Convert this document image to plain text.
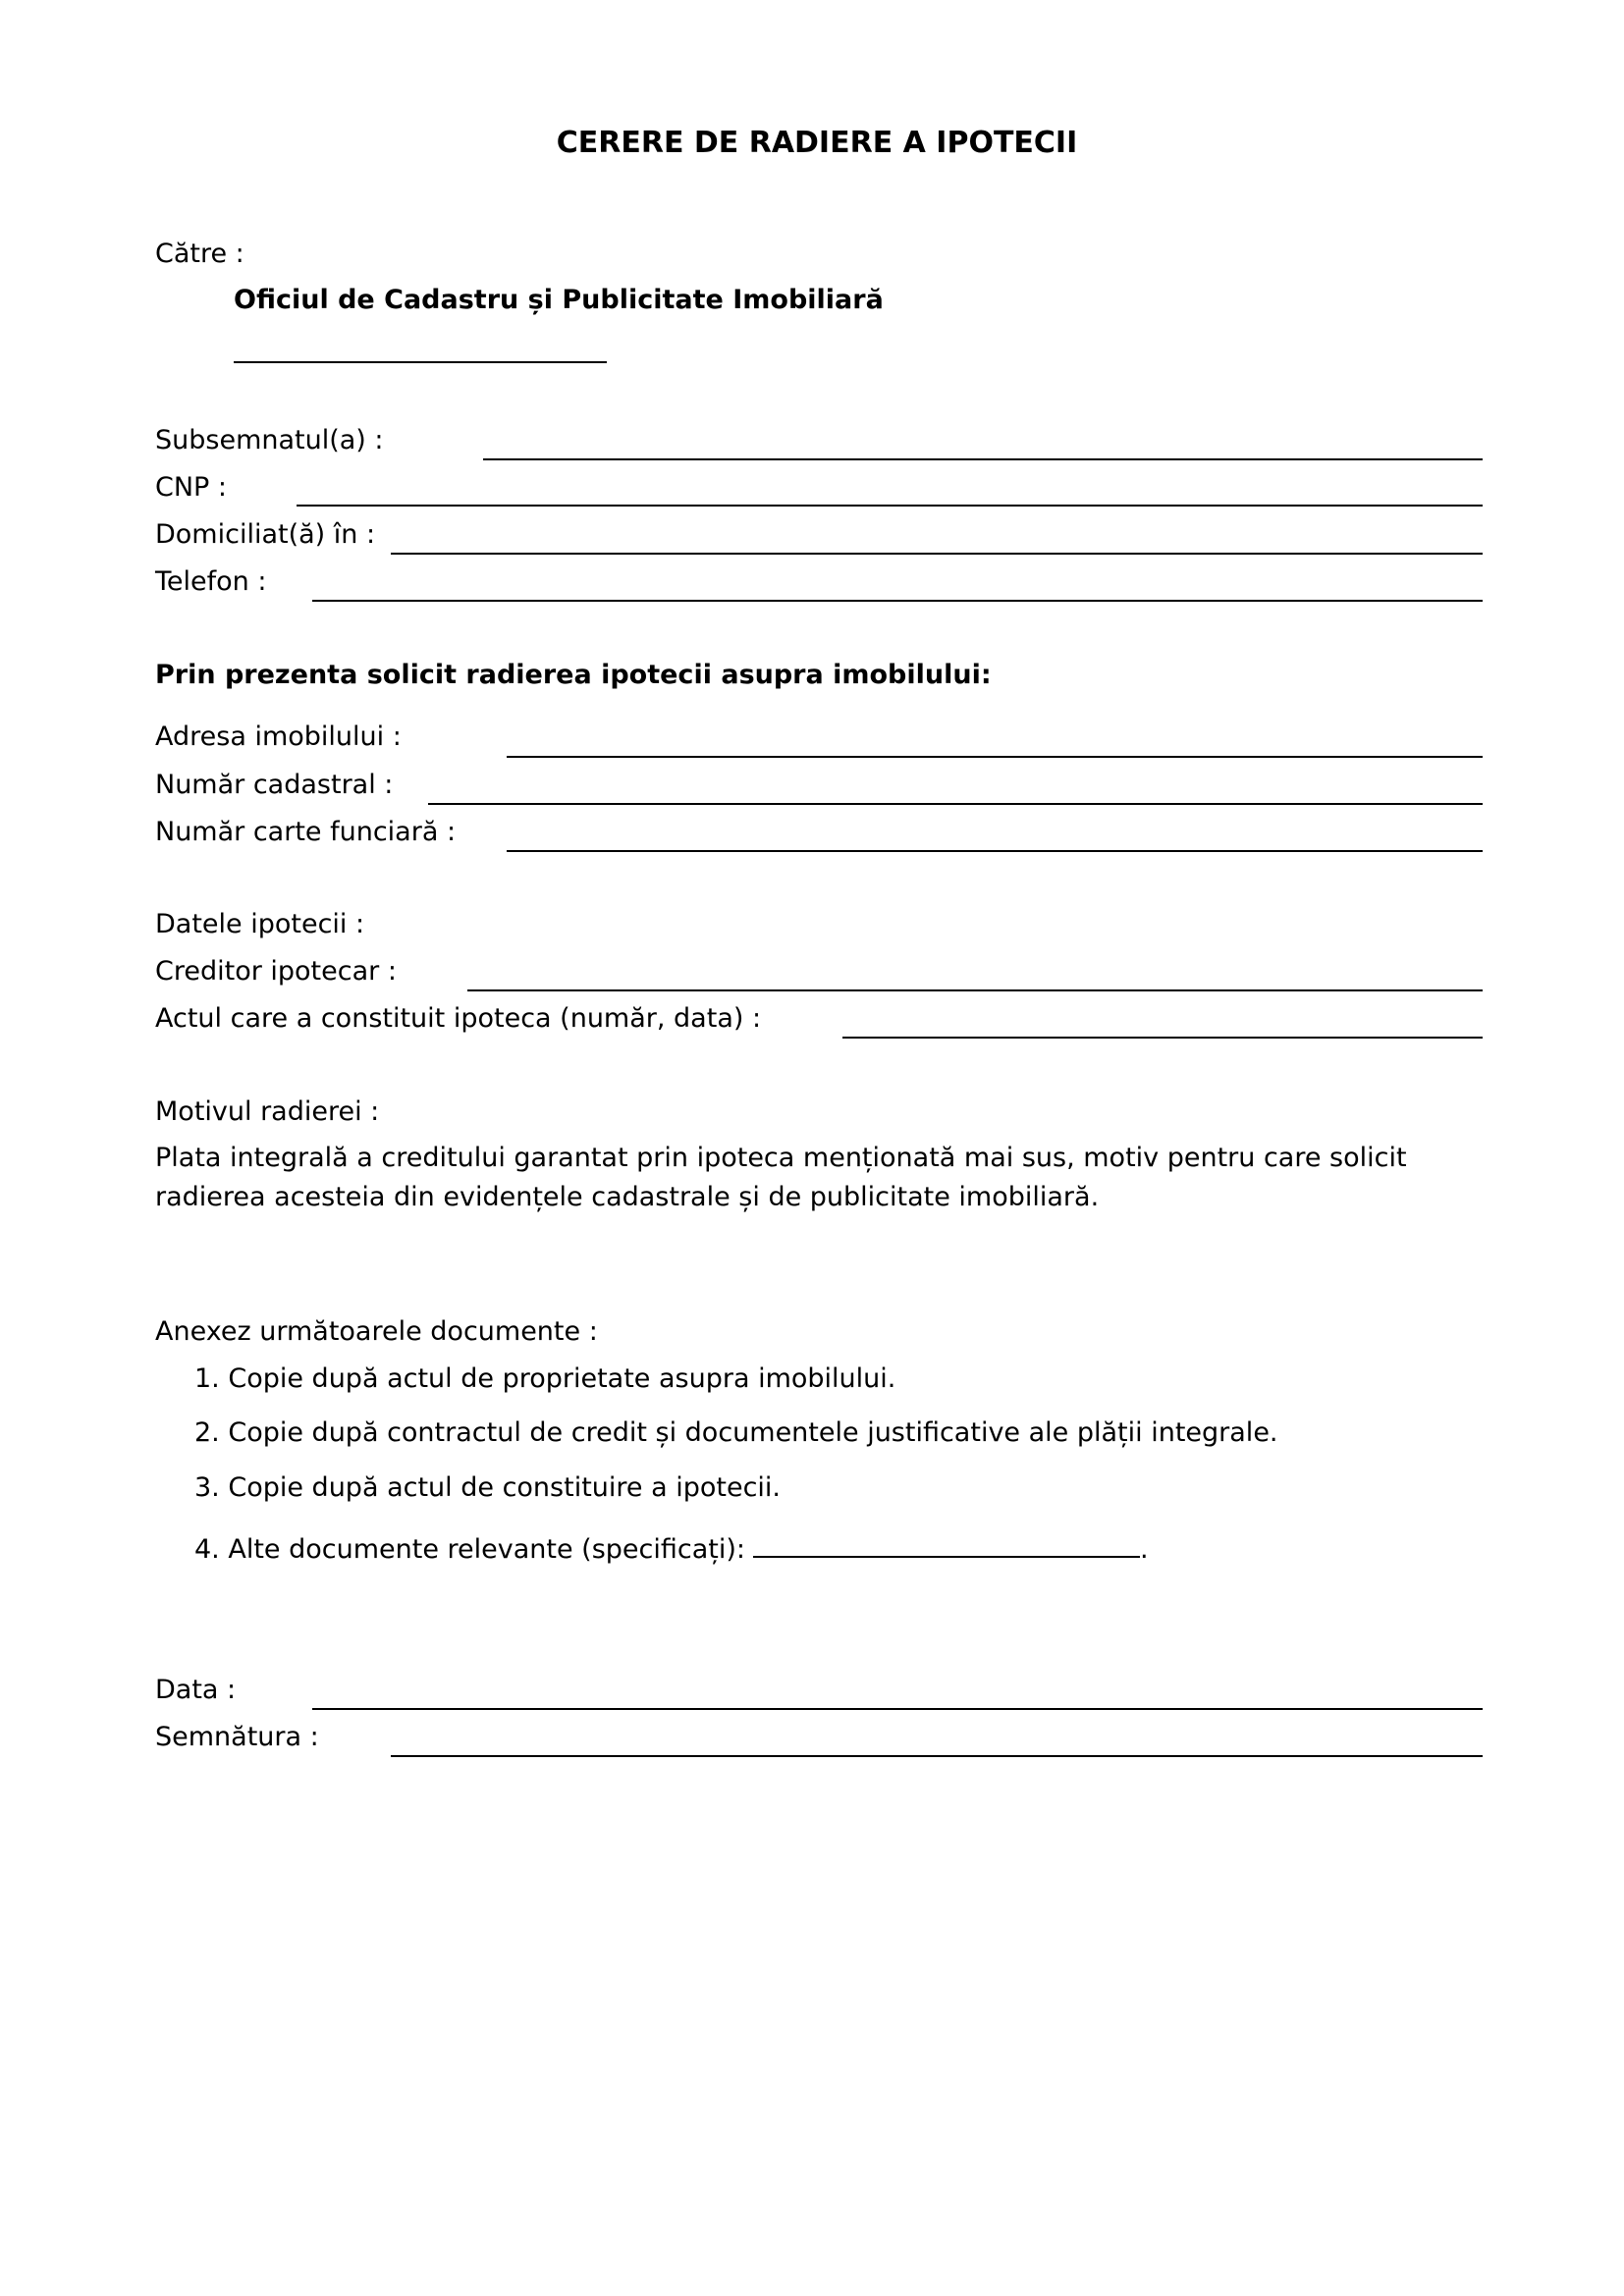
CERERE DE RADIERE A IPOTECII
Către :
Oficiul de Cadastru și Publicitate Imobiliară
Subsemnatul(a) :
CNP :
Domiciliat(ă) în :
Telefon :
Prin prezenta solicit radierea ipotecii asupra imobilului:
Adresa imobilului :
Număr cadastral :
Număr carte funciară :
Datele ipotecii :
Creditor ipotecar :
Actul care a constituit ipoteca (număr, data) :
Motivul radierei :
Plata integrală a creditului garantat prin ipoteca menționată mai sus, motiv pentru care solicit radierea acesteia din evidențele cadastrale și de publicitate imobiliară.
Anexez următoarele documente :
1. Copie după actul de proprietate asupra imobilului.
2. Copie după contractul de credit și documentele justificative ale plății integrale.
3. Copie după actul de constituire a ipotecii.
4. Alte documente relevante (specificați):	.
Data :
Semnătura :
